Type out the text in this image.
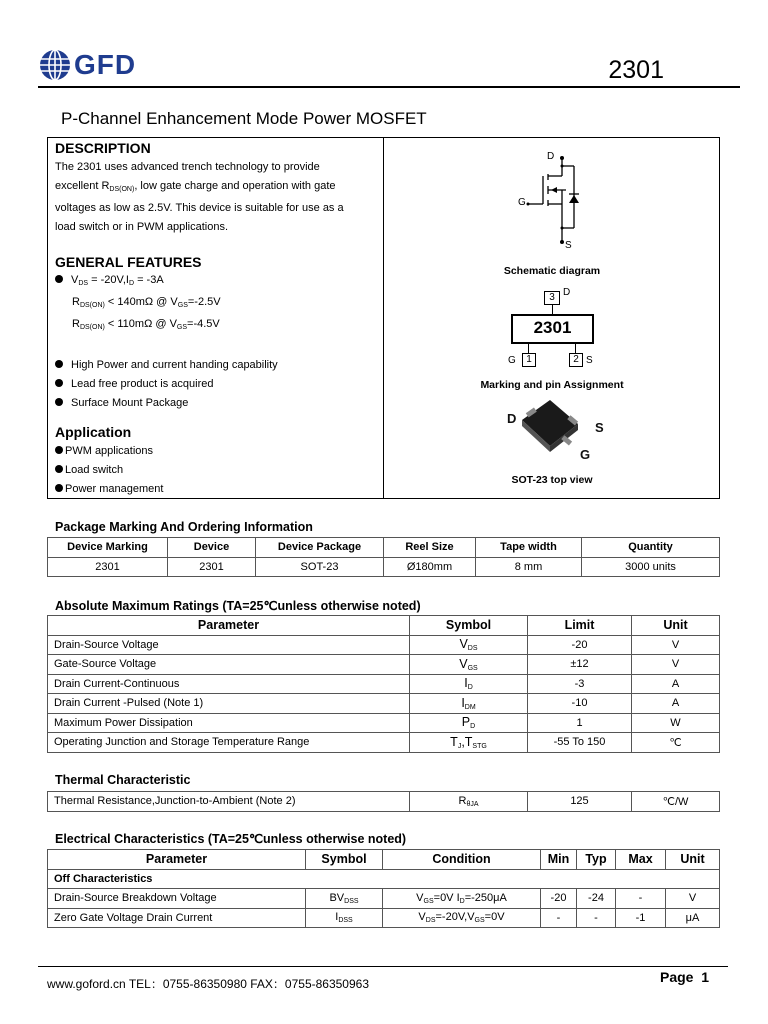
GFD	2301
P-Channel Enhancement Mode Power MOSFET
DESCRIPTION
The 2301 uses advanced trench technology to provide
excellent $R_{DS(ON)}$, low gate charge and operation with gate
voltages as low as 2.5V. This device is suitable for use as a
load switch or in PWM applications.
GENERAL FEATURES
$V_{DS} = -20V,I_D = -3A$
$R_{DS(ON)} < 140m\Omega$ @ $V_{GS}=-2.5V$
$R_{DS(ON)} < 110m\Omega$ @ $V_{GS}=-4.5V$
High Power and current handing capability
Lead free product is acquired
Surface Mount Package
Application
PWM applications
Load switch
Power management
D
G
S
Schematic diagram
2301
3 D
1
G	2 S
Marking and pin Assignment
D
S
G
SOT-23 top view
Package Marking And Ordering Information
Device Marking	Device	Device Package	Reel Size	Tape width	Quantity
2301	2301	SOT-23	Ø180mm	8 mm	3000 units
Absolute Maximum Ratings (TA=25℃unless otherwise noted)
Parameter	Symbol	Limit	Unit
Drain-Source Voltage	$V_{DS}$	-20	V
Gate-Source Voltage	$V_{GS}$	±12	V
Drain Current-Continuous	$I_D$	-3	A
Drain Current -Pulsed (Note 1)	$I_{DM}$	-10	A
Maximum Power Dissipation	$P_D$	1	W
Operating Junction and Storage Temperature Range	$T_J,T_{STG}$	-55 To 150	℃
Thermal Characteristic
Thermal Resistance,Junction-to-Ambient (Note 2)	$R_{\theta JA}$	125	℃/W
Electrical Characteristics (TA=25℃unless otherwise noted)
Parameter	Symbol	Condition	Min	Typ	Max	Unit
Off Characteristics						
Drain-Source Breakdown Voltage	$BV_{DSS}$	$V_{GS}=0V$ $I_D=-250\mu A$	-20	-24	-	V
Zero Gate Voltage Drain Current	$I_{DSS}$	$V_{DS}=-20V,V_{GS}=0V$	-	-	-1	μA
www.goford.cn TEL：0755-86350980 FAX：0755-86350963	Page  1
